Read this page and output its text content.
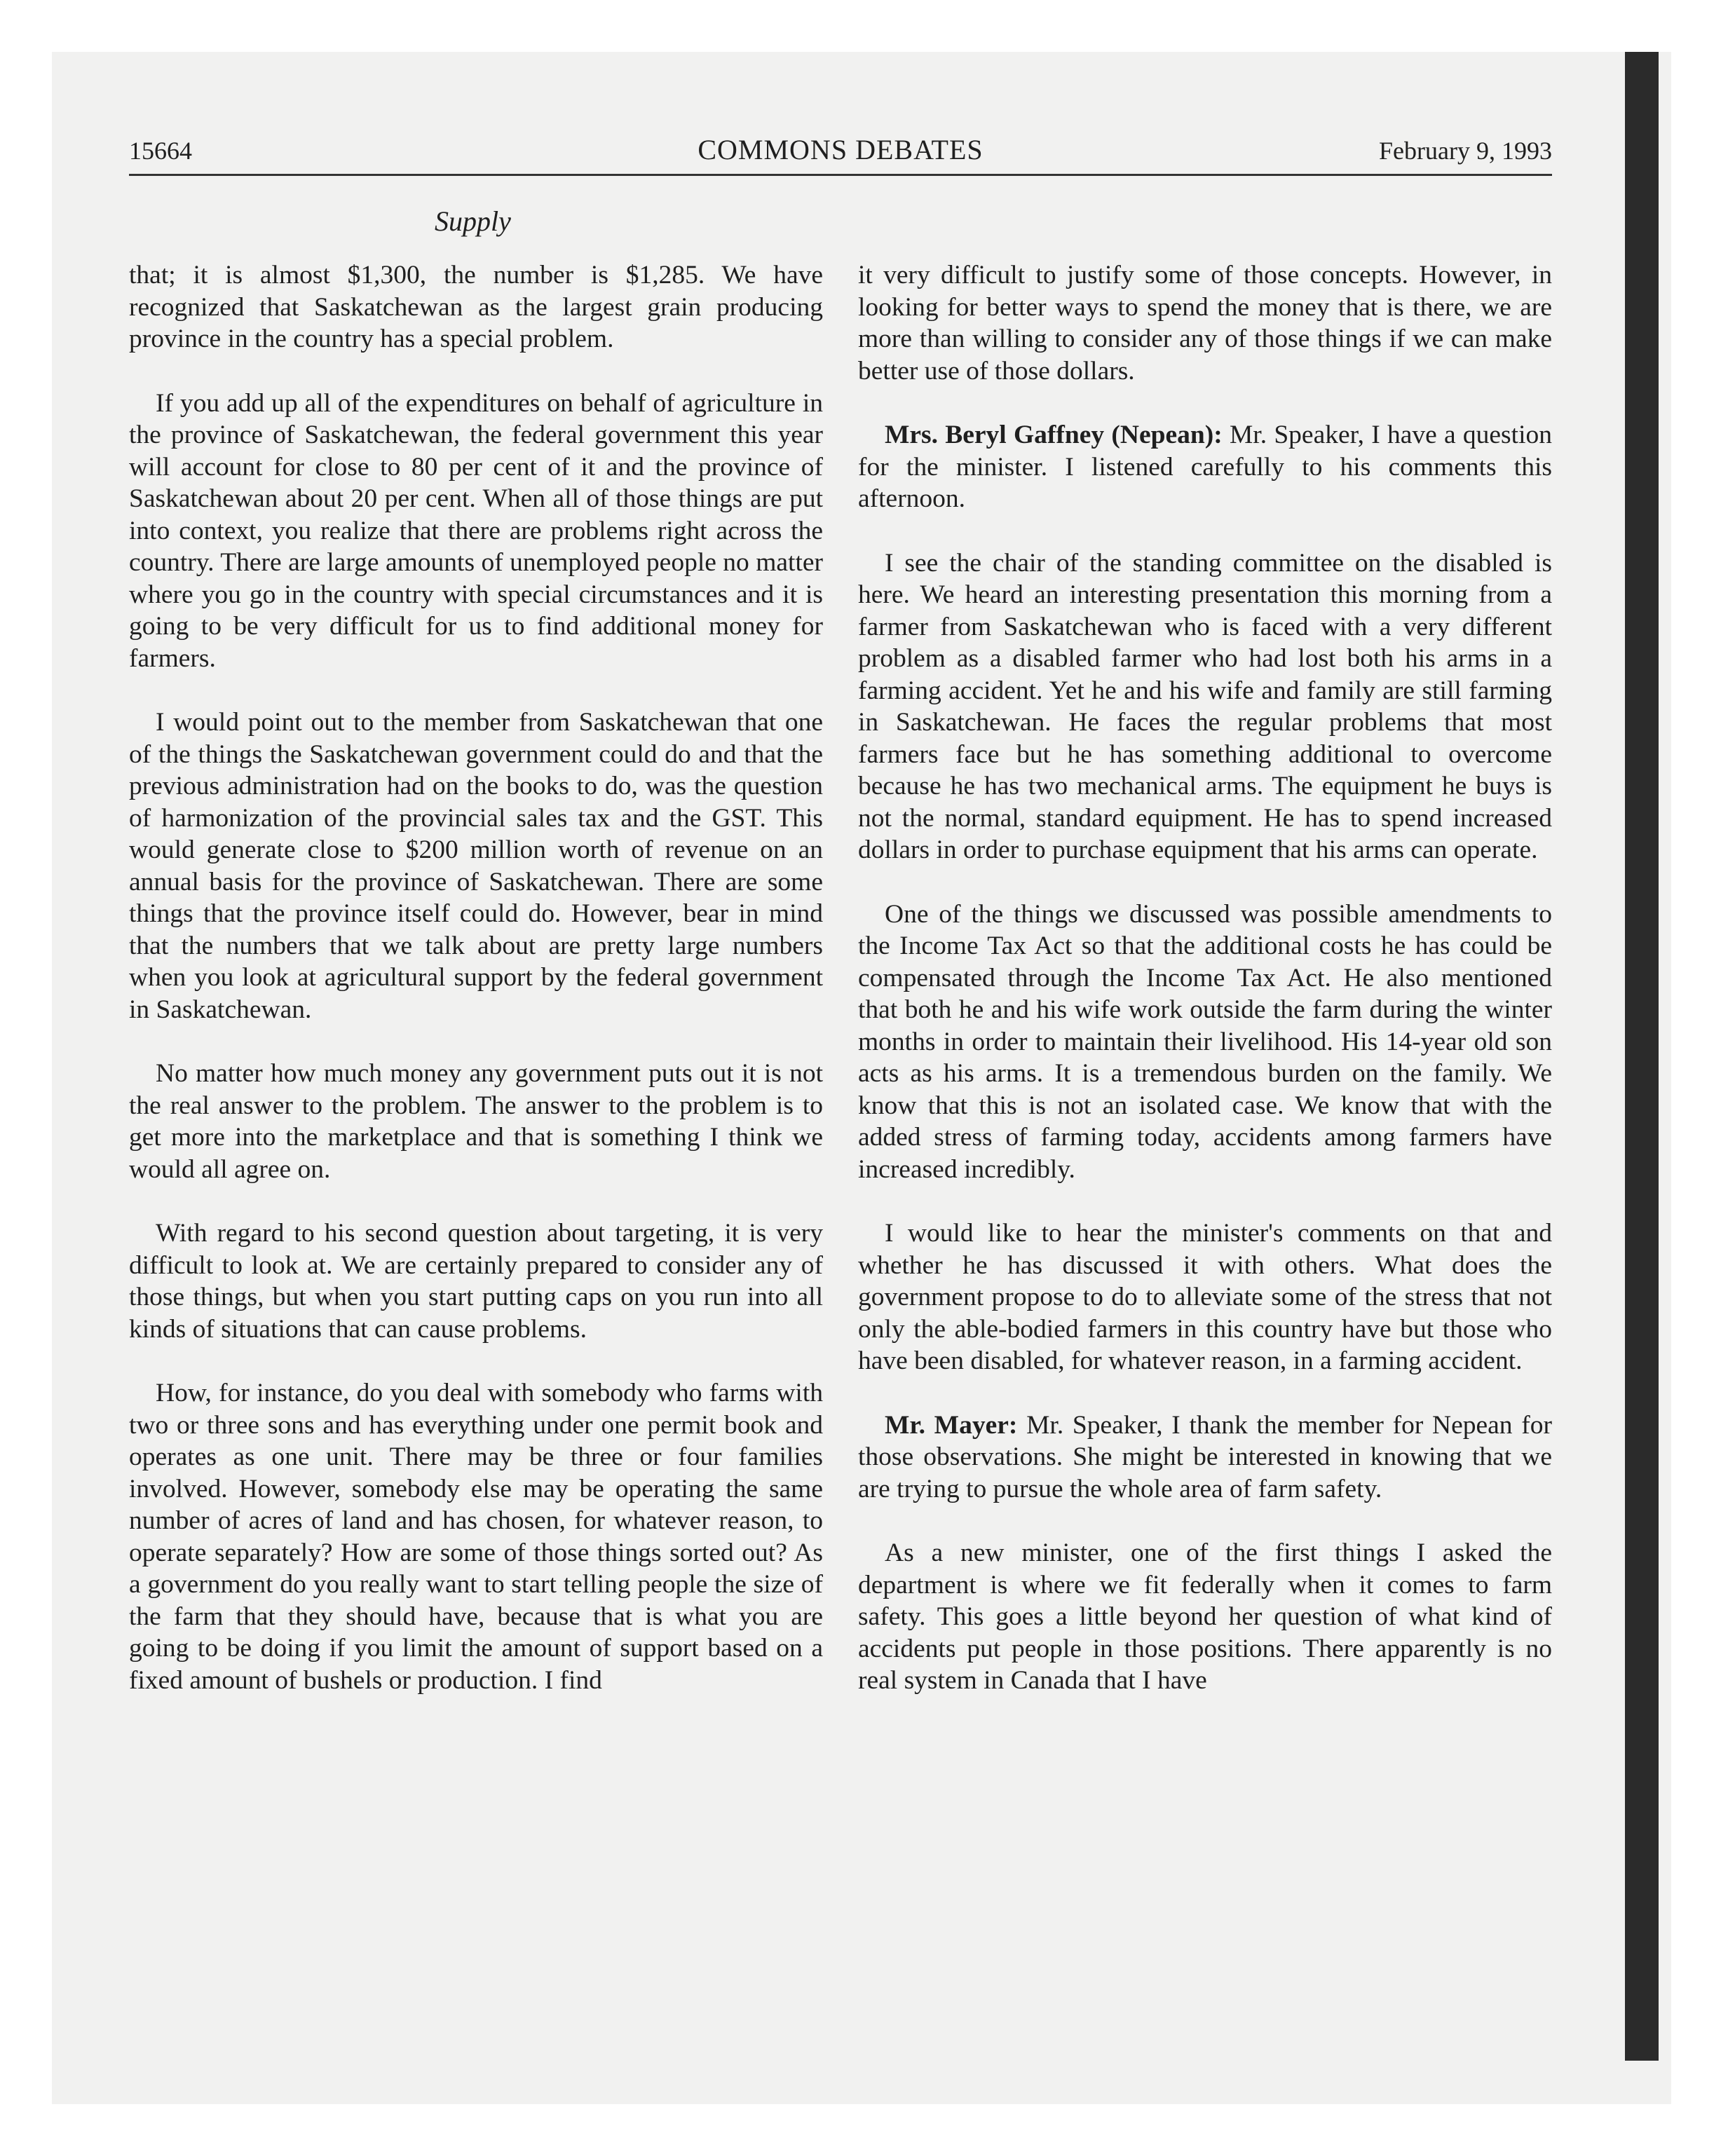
15664	COMMONS DEBATES	February 9, 1993
Supply

that; it is almost $1,300, the number is $1,285. We have recognized that Saskatchewan as the largest grain producing province in the country has a special problem.

If you add up all of the expenditures on behalf of agriculture in the province of Saskatchewan, the federal government this year will account for close to 80 per cent of it and the province of Saskatchewan about 20 per cent. When all of those things are put into context, you realize that there are problems right across the country. There are large amounts of unemployed people no matter where you go in the country with special circumstances and it is going to be very difficult for us to find additional money for farmers.

I would point out to the member from Saskatchewan that one of the things the Saskatchewan government could do and that the previous administration had on the books to do, was the question of harmonization of the provincial sales tax and the GST. This would generate close to $200 million worth of revenue on an annual basis for the province of Saskatchewan. There are some things that the province itself could do. However, bear in mind that the numbers that we talk about are pretty large numbers when you look at agricultural support by the federal government in Saskatchewan.

No matter how much money any government puts out it is not the real answer to the problem. The answer to the problem is to get more into the marketplace and that is something I think we would all agree on.

With regard to his second question about targeting, it is very difficult to look at. We are certainly prepared to consider any of those things, but when you start putting caps on you run into all kinds of situations that can cause problems.

How, for instance, do you deal with somebody who farms with two or three sons and has everything under one permit book and operates as one unit. There may be three or four families involved. However, somebody else may be operating the same number of acres of land and has chosen, for whatever reason, to operate separately? How are some of those things sorted out? As a government do you really want to start telling people the size of the farm that they should have, because that is what you are going to be doing if you limit the amount of support based on a fixed amount of bushels or production. I find

it very difficult to justify some of those concepts. However, in looking for better ways to spend the money that is there, we are more than willing to consider any of those things if we can make better use of those dollars.

Mrs. Beryl Gaffney (Nepean): Mr. Speaker, I have a question for the minister. I listened carefully to his comments this afternoon.

I see the chair of the standing committee on the disabled is here. We heard an interesting presentation this morning from a farmer from Saskatchewan who is faced with a very different problem as a disabled farmer who had lost both his arms in a farming accident. Yet he and his wife and family are still farming in Saskatchewan. He faces the regular problems that most farmers face but he has something additional to overcome because he has two mechanical arms. The equipment he buys is not the normal, standard equipment. He has to spend increased dollars in order to purchase equipment that his arms can operate.

One of the things we discussed was possible amendments to the Income Tax Act so that the additional costs he has could be compensated through the Income Tax Act. He also mentioned that both he and his wife work outside the farm during the winter months in order to maintain their livelihood. His 14-year old son acts as his arms. It is a tremendous burden on the family. We know that this is not an isolated case. We know that with the added stress of farming today, accidents among farmers have increased incredibly.

I would like to hear the minister's comments on that and whether he has discussed it with others. What does the government propose to do to alleviate some of the stress that not only the able-bodied farmers in this country have but those who have been disabled, for whatever reason, in a farming accident.

Mr. Mayer: Mr. Speaker, I thank the member for Nepean for those observations. She might be interested in knowing that we are trying to pursue the whole area of farm safety.

As a new minister, one of the first things I asked the department is where we fit federally when it comes to farm safety. This goes a little beyond her question of what kind of accidents put people in those positions. There apparently is no real system in Canada that I have
